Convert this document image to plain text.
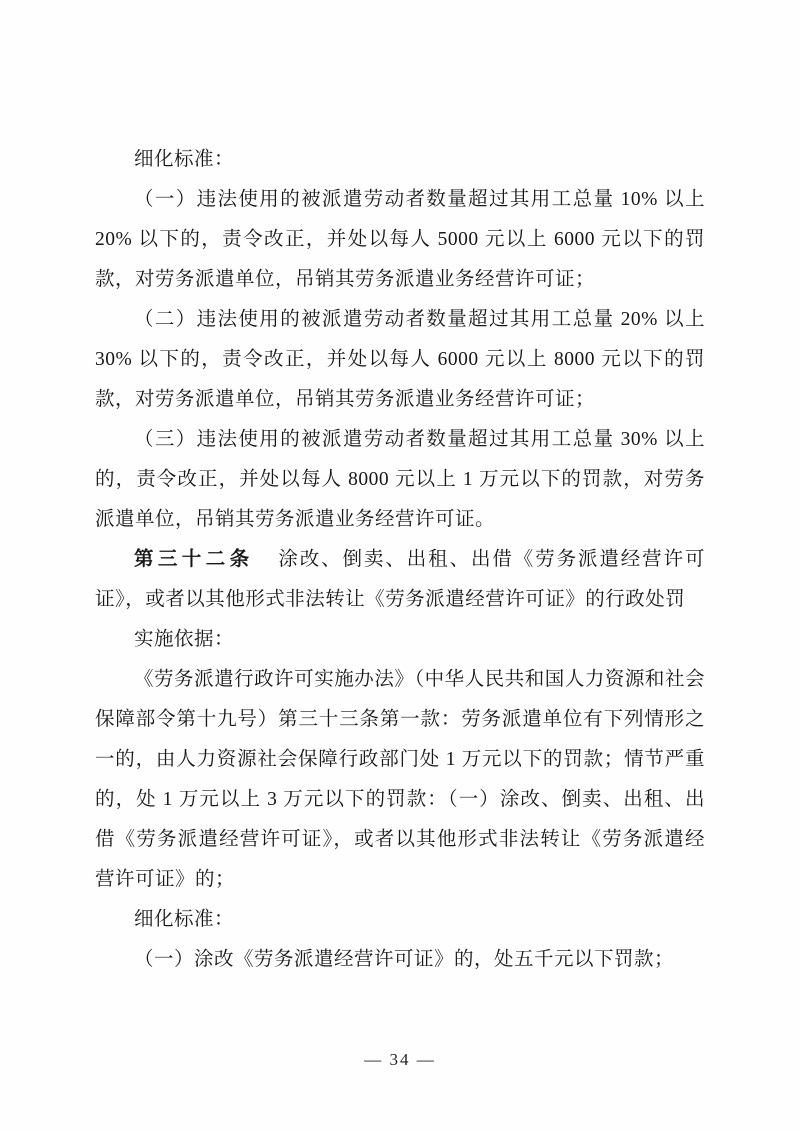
细化标准：

（一）违法使用的被派遣劳动者数量超过其用工总量 10% 以上 20% 以下的，责令改正，并处以每人 5000 元以上 6000 元以下的罚款，对劳务派遣单位，吊销其劳务派遣业务经营许可证；

（二）违法使用的被派遣劳动者数量超过其用工总量 20% 以上 30% 以下的，责令改正，并处以每人 6000 元以上 8000 元以下的罚款，对劳务派遣单位，吊销其劳务派遣业务经营许可证；

（三）违法使用的被派遣劳动者数量超过其用工总量 30% 以上的，责令改正，并处以每人 8000 元以上 1 万元以下的罚款，对劳务派遣单位，吊销其劳务派遣业务经营许可证。

第三十二条 涂改、倒卖、出租、出借《劳务派遣经营许可证》，或者以其他形式非法转让《劳务派遣经营许可证》的行政处罚

实施依据：

《劳务派遣行政许可实施办法》（中华人民共和国人力资源和社会保障部令第十九号）第三十三条第一款：劳务派遣单位有下列情形之一的，由人力资源社会保障行政部门处 1 万元以下的罚款；情节严重的，处 1 万元以上 3 万元以下的罚款：（一）涂改、倒卖、出租、出借《劳务派遣经营许可证》，或者以其他形式非法转让《劳务派遣经营许可证》的；

细化标准：

（一）涂改《劳务派遣经营许可证》的，处五千元以下罚款；

— 34 —
